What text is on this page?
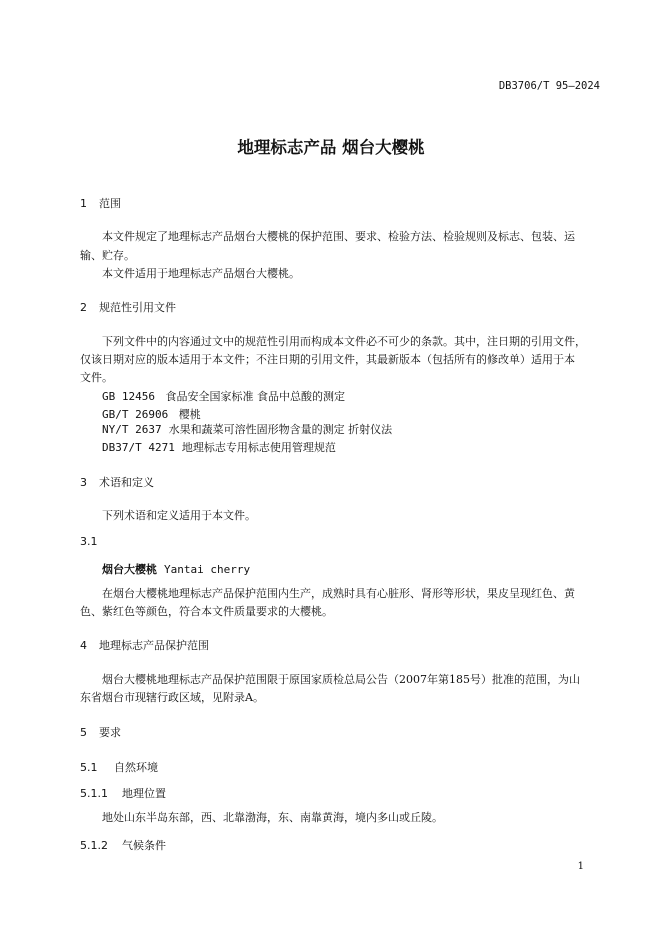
DB3706/T 95—2024
地理标志产品 烟台大樱桃
1 范围
本文件规定了地理标志产品烟台大樱桃的保护范围、要求、检验方法、检验规则及标志、包装、运
输、贮存。
本文件适用于地理标志产品烟台大樱桃。
2 规范性引用文件
下列文件中的内容通过文中的规范性引用而构成本文件必不可少的条款。其中，注日期的引用文件，
仅该日期对应的版本适用于本文件；不注日期的引用文件，其最新版本（包括所有的修改单）适用于本
文件。
GB 12456 食品安全国家标准 食品中总酸的测定
GB/T 26906 樱桃
NY/T 2637 水果和蔬菜可溶性固形物含量的测定 折射仪法
DB37/T 4271 地理标志专用标志使用管理规范
3 术语和定义
下列术语和定义适用于本文件。
3.1
烟台大樱桃 Yantai cherry
在烟台大樱桃地理标志产品保护范围内生产，成熟时具有心脏形、肾形等形状，果皮呈现红色、黄
色、紫红色等颜色，符合本文件质量要求的大樱桃。
4 地理标志产品保护范围
烟台大樱桃地理标志产品保护范围限于原国家质检总局公告（2007年第185号）批准的范围，为山
东省烟台市现辖行政区域，见附录A。
5 要求
5.1 自然环境
5.1.1 地理位置
地处山东半岛东部，西、北靠渤海，东、南靠黄海，境内多山或丘陵。
5.1.2 气候条件
1
